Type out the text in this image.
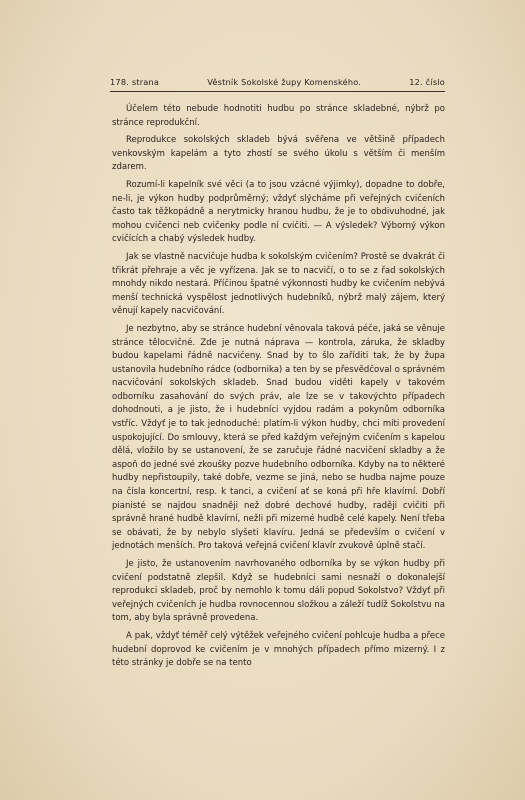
178. strana	Věstník Sokolské župy Komenského.	12. číslo

Účelem této nebude hodnotiti hudbu po stránce skladebné, nýbrž po stránce reprodukční.

Reprodukce sokolských skladeb bývá svěřena ve většině případech venkovským kapelám a tyto zhostí se svého úkolu s větším či menším zdarem.

Rozumí-li kapelník své věci (a to jsou vzácné výjimky), dopadne to dobře, ne-li, je výkon hudby podprůměrný; vždyť slýcháme při veřejných cvičeních často tak těžkopádně a nerytmicky hranou hudbu, že je to obdivuhodné, jak mohou cvičenci neb cvičenky podle ní cvičiti. — A výsledek? Výborný výkon cvičících a chabý výsledek hudby.

Jak se vlastně nacvičuje hudba k sokolským cvičením? Prostě se dvakrát či třikrát přehraje a věc je vyřízena. Jak se to nacvičí, o to se z řad sokolských mnohdy nikdo nestará. Příčinou špatné výkonnosti hudby ke cvičením nebývá menší technická vyspělost jednotlivých hudebníků, nýbrž malý zájem, který věnují kapely nacvičování.

Je nezbytno, aby se stránce hudební věnovala taková péče, jaká se věnuje stránce tělocvičné. Zde je nutná náprava — kontrola, záruka, že skladby budou kapelami řádně nacvičeny. Snad by to šlo zaříditi tak, že by župa ustanovila hudebního rádce (odbornika) a ten by se přesvědčoval o správném nacvičování sokolských skladeb. Snad budou viděti kapely v takovém odborníku zasahování do svých práv, ale lze se v takovýchto případech dohodnouti, a je jisto, že i hudebníci vyjdou radám a pokynům odborníka vstříc. Vždyť je to tak jednoduché: platím-li výkon hudby, chci míti provedení uspokojující. Do smlouvy, která se před každým veřejným cvičením s kapelou dělá, vložilo by se ustanovení, že se zaručuje řádné nacvičení skladby a že aspoň do jedné své zkoušky pozve hudebního odborníka. Kdyby na to některé hudby nepřistoupily, také dobře, vezme se jiná, nebo se hudba najme pouze na čísla koncertní, resp. k tanci, a cvičení ať se koná při hře klavírní. Dobří pianisté se najdou snadněji než dobré dechové hudby, raději cvičiti při správně hrané hudbě klavírní, nežli při mizerné hudbě celé kapely. Není třeba se obávati, že by nebylo slyšeti klavíru. Jedná se především o cvičení v jednotách menších. Pro taková veřejná cvičení klavír zvukově úplně stačí.

Je jisto, že ustanovením navrhovaného odborníka by se výkon hudby při cvičení podstatně zlepšil. Když se hudebníci sami nesnaží o dokonalejší reprodukci skladeb, proč by nemohlo k tomu dáli popud Sokolstvo? Vždyť při veřejných cvičeních je hudba rovnocennou složkou a záleží tudíž Sokolstvu na tom, aby byla správně provedena.

A pak, vždyť téměř celý výtěžek veřejného cvičení pohlcuje hudba a přece hudební doprovod ke cvičením je v mnohých případech přímo mizerný. I z této stránky je dobře se na tento
